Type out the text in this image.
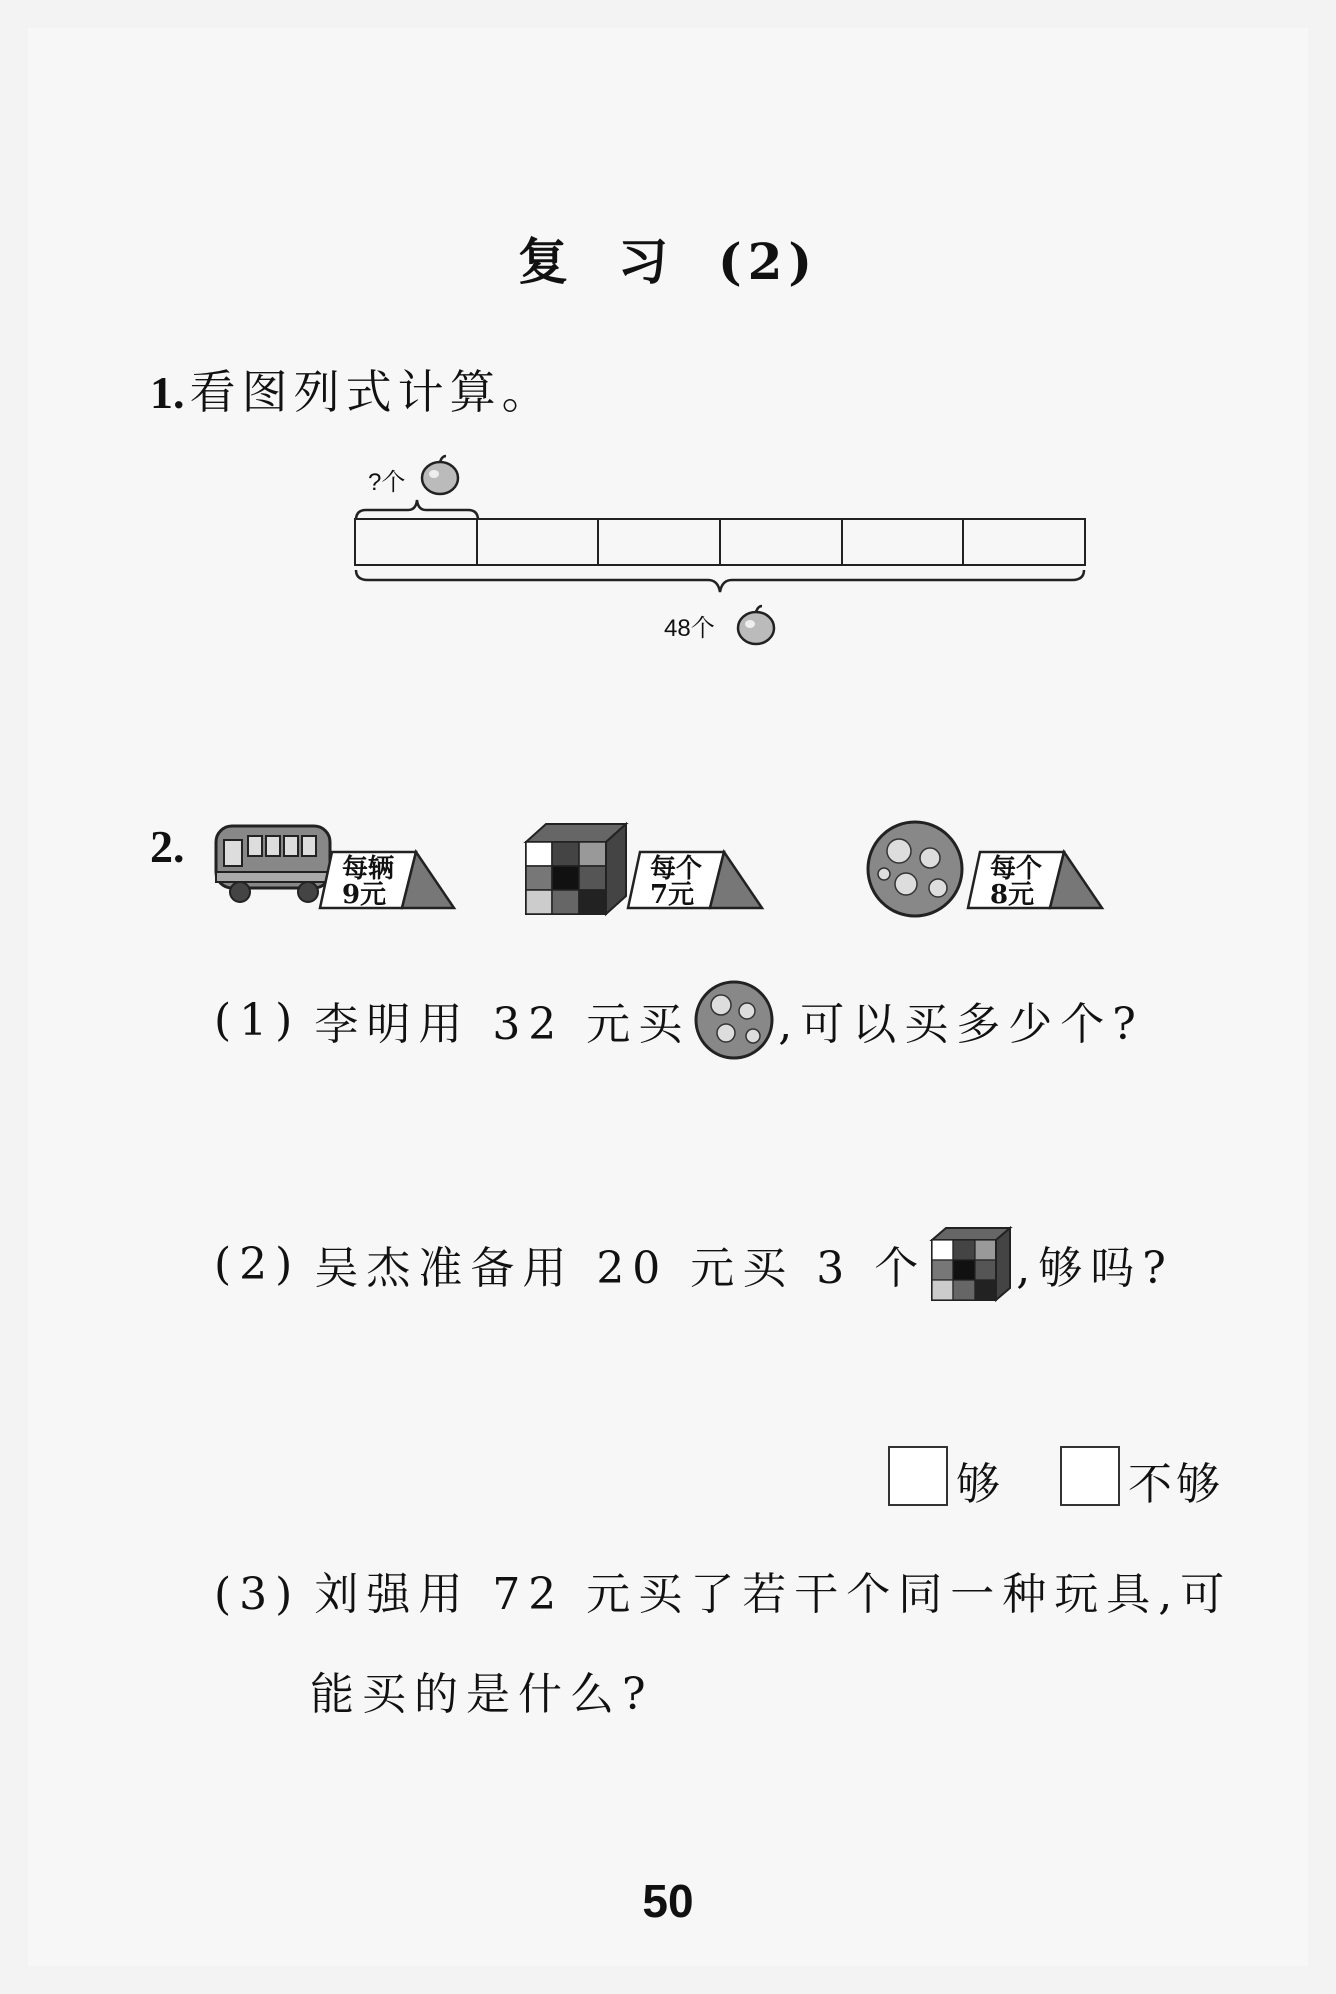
复 习 (2)
1. 看图列式计算。
?个
48个
2.	每辆
9元
每个
7元
每个
8元
(1) 李明用 32 元买 ,可以买多少个?
(2) 吴杰准备用 20 元买 3 个 ,够吗?
够	不够
(3) 刘强用 72 元买了若干个同一种玩具,可
能买的是什么?
50
